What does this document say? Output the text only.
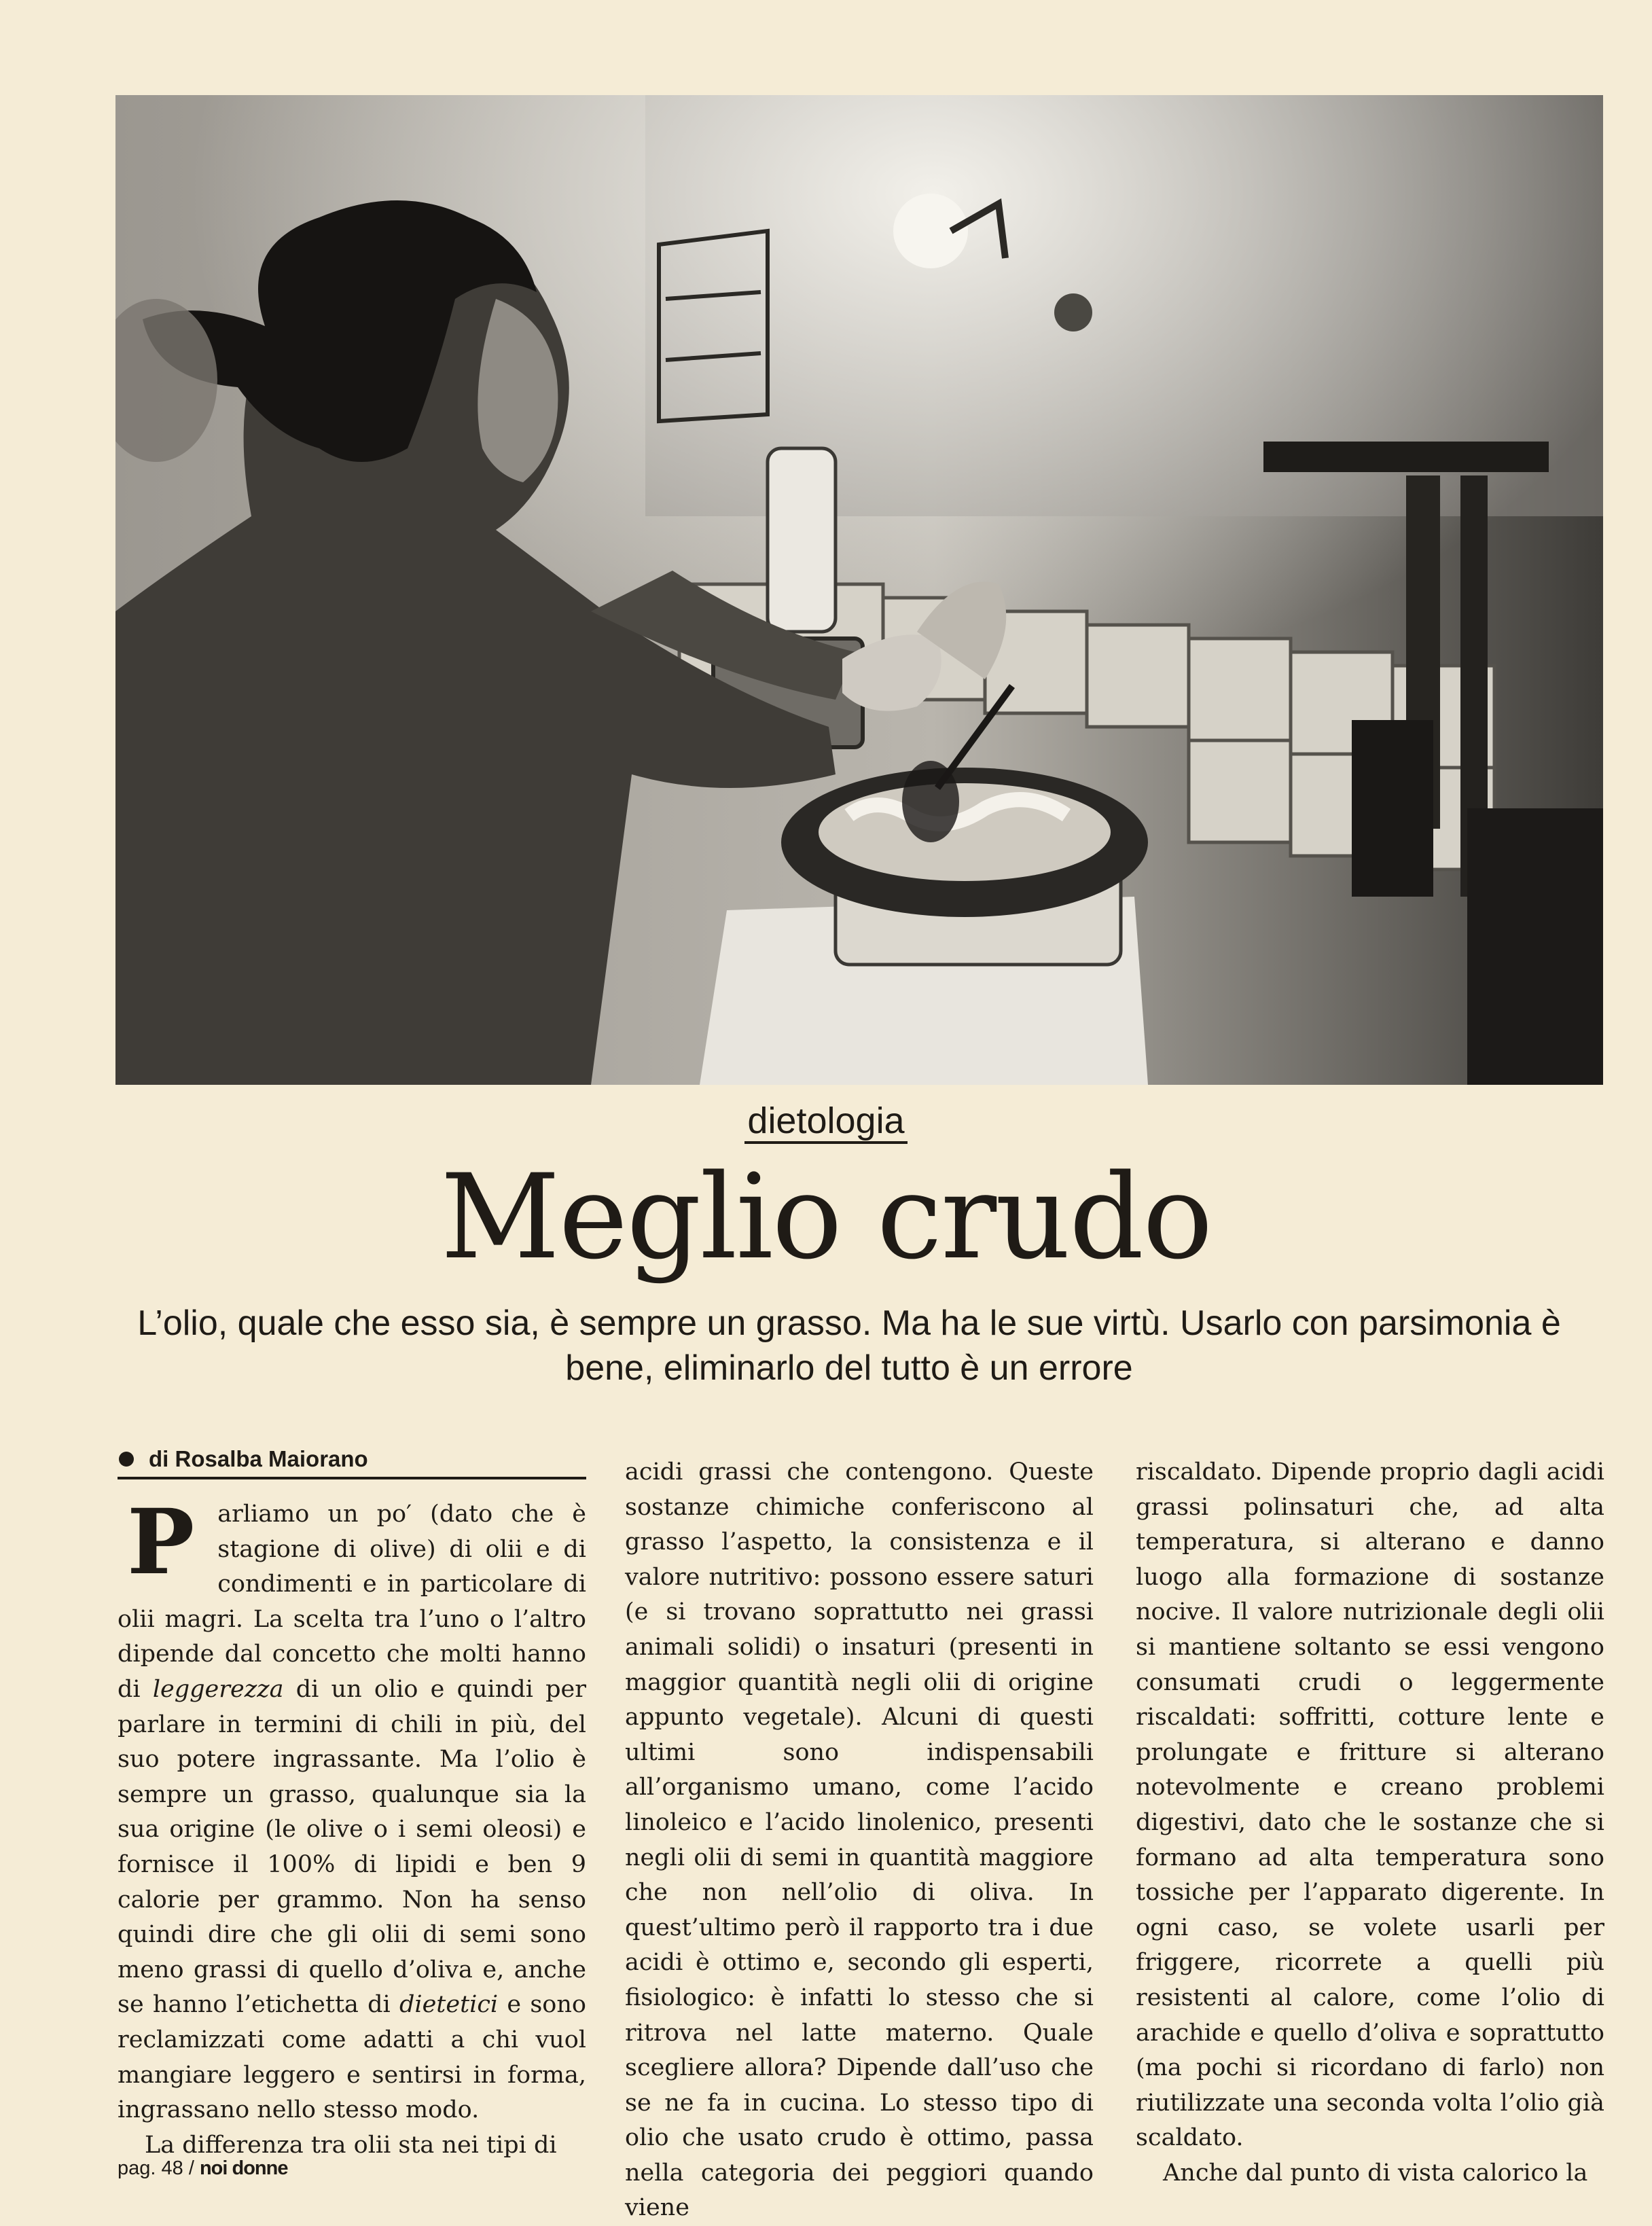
dietologia
Meglio crudo
L’olio, quale che esso sia, è sempre un grasso. Ma ha le sue virtù. Usarlo con parsimonia è bene, eliminarlo del tutto è un errore
di Rosalba Maiorano

Parliamo un po′ (dato che è stagione di olive) di olii e di condimenti e in particolare di olii magri. La scelta tra l’uno o l’altro dipende dal concetto che molti hanno di leggerezza di un olio e quindi per parlare in termini di chili in più, del suo potere ingrassante. Ma l’olio è sempre un grasso, qualunque sia la sua origine (le olive o i semi oleosi) e fornisce il 100% di lipidi e ben 9 calorie per grammo. Non ha senso quindi dire che gli olii di semi sono meno grassi di quello d’oliva e, anche se hanno l’etichetta di dietetici e sono reclamizzati come adatti a chi vuol mangiare leggero e sentirsi in forma, ingrassano nello stesso modo.

La differenza tra olii sta nei tipi di

acidi grassi che contengono. Queste sostanze chimiche conferiscono al grasso l’aspetto, la consistenza e il valore nutritivo: possono essere saturi (e si trovano soprattutto nei grassi animali solidi) o insaturi (presenti in maggior quantità negli olii di origine appunto vegetale). Alcuni di questi ultimi sono indispensabili all’organismo umano, come l’acido linoleico e l’acido linolenico, presenti negli olii di semi in quantità maggiore che non nell’olio di oliva. In quest’ultimo però il rapporto tra i due acidi è ottimo e, secondo gli esperti, fisiologico: è infatti lo stesso che si ritrova nel latte materno. Quale scegliere allora? Dipende dall’uso che se ne fa in cucina. Lo stesso tipo di olio che usato crudo è ottimo, passa nella categoria dei peggiori quando viene

riscaldato. Dipende proprio dagli acidi grassi polinsaturi che, ad alta temperatura, si alterano e danno luogo alla formazione di sostanze nocive. Il valore nutrizionale degli olii si mantiene soltanto se essi vengono consumati crudi o leggermente riscaldati: soffritti, cotture lente e prolungate e fritture si alterano notevolmente e creano problemi digestivi, dato che le sostanze che si formano ad alta temperatura sono tossiche per l’apparato digerente. In ogni caso, se volete usarli per friggere, ricorrete a quelli più resistenti al calore, come l’olio di arachide e quello d’oliva e soprattutto (ma pochi si ricordano di farlo) non riutilizzate una seconda volta l’olio già scaldato.

Anche dal punto di vista calorico la

pag. 48 / noi donne
